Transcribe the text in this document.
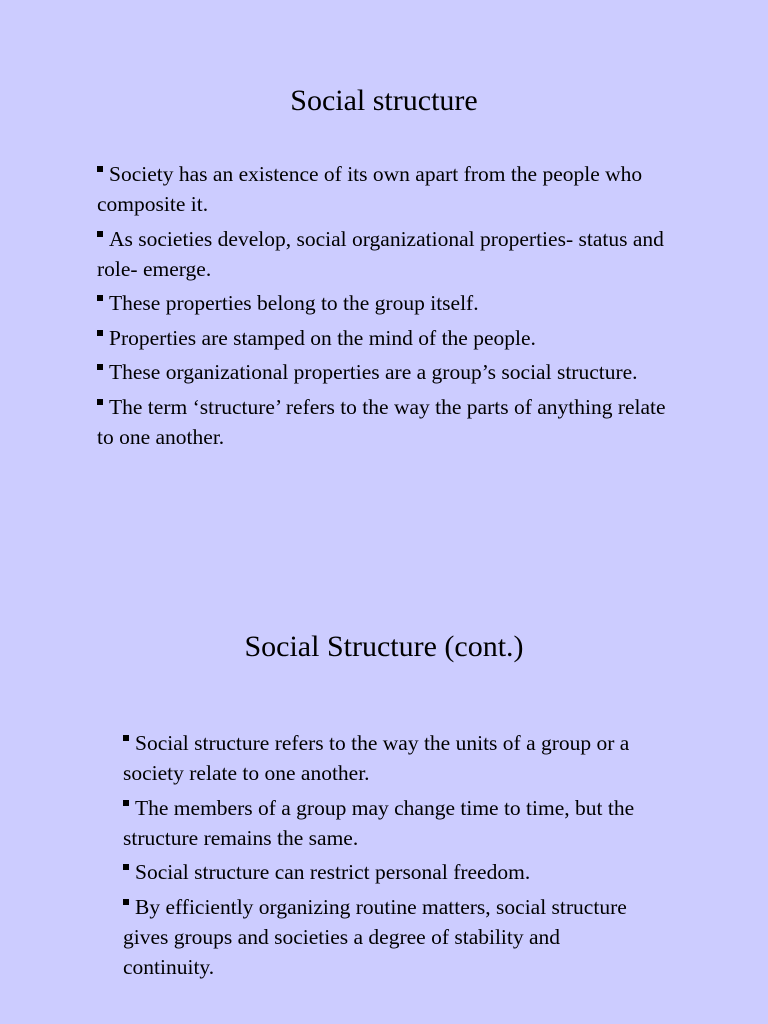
Social structure
Society has an existence of its own apart from the people who composite it.
As societies develop, social organizational properties- status and role- emerge.
These properties belong to the group itself.
Properties are stamped on the mind of the people.
These organizational properties are a group’s social structure.
The term ‘structure’ refers to the way the parts of anything relate to one another.
Social Structure (cont.)
Social structure refers to the way the units of a group or a society relate to one another.
The members of a group may change time to time, but the structure remains the same.
Social structure can restrict personal freedom.
By efficiently organizing routine matters, social structure gives groups and societies a degree of stability and continuity.
